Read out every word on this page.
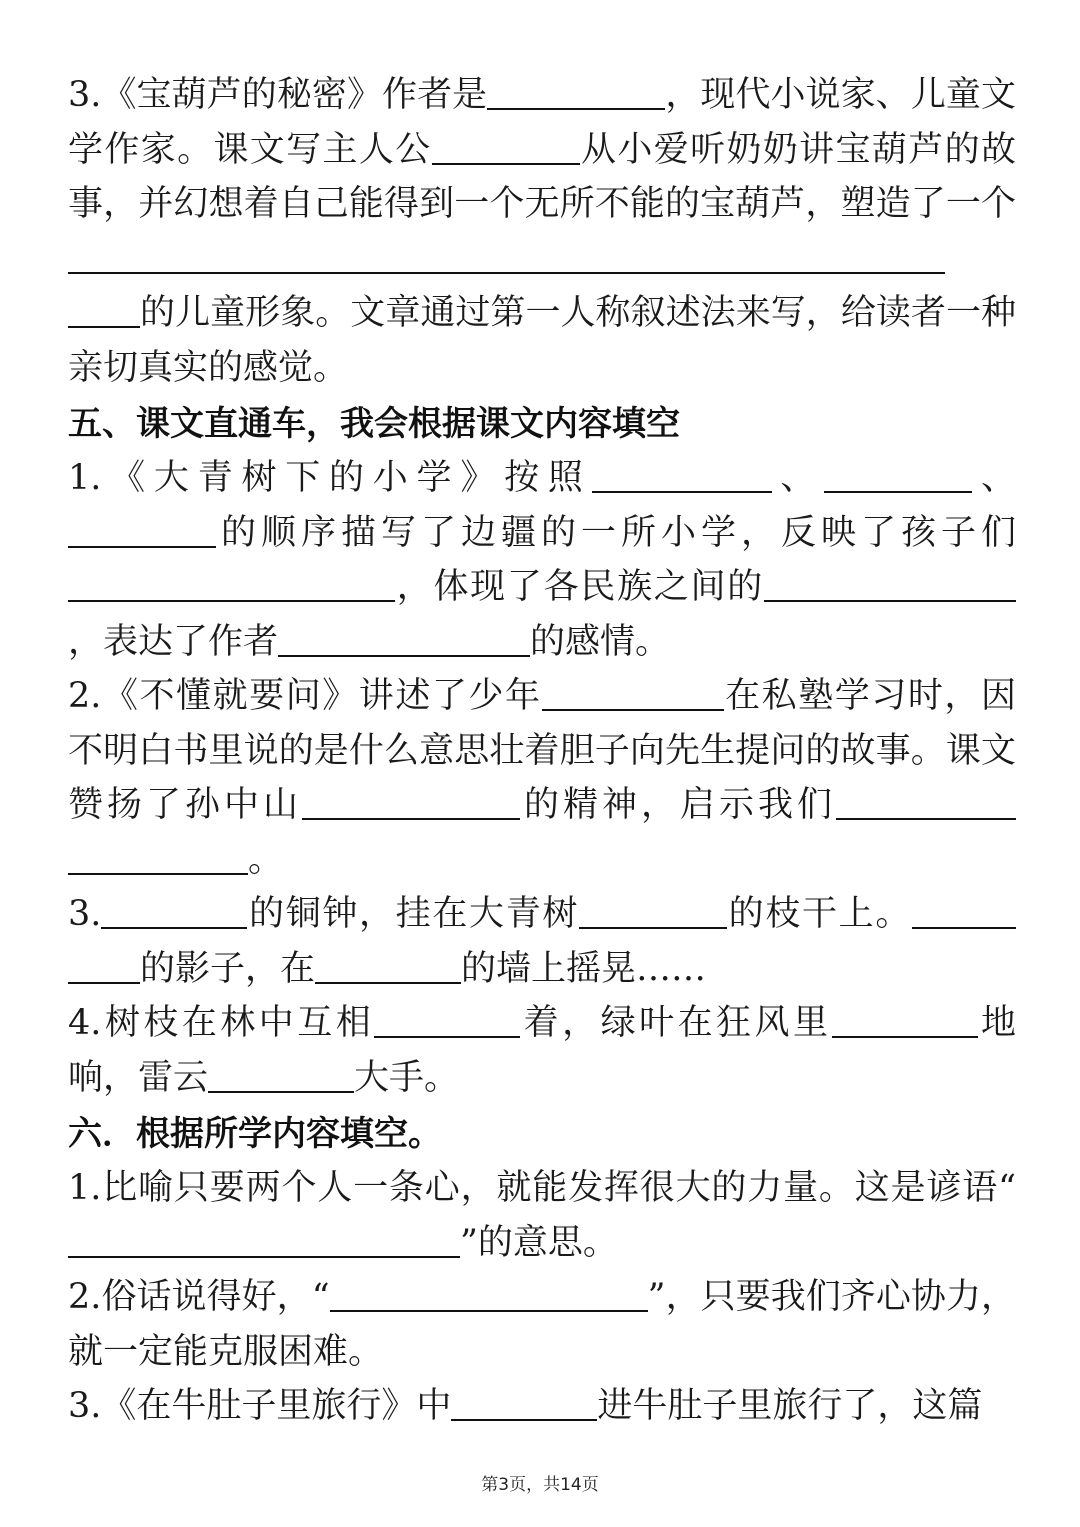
3.《宝葫芦的秘密》作者是	，现代小说家、儿童文学作家。课文写主人公	从小爱听奶奶讲宝葫芦的故事，并幻想着自己能得到一个无所不能的宝葫芦，塑造了一个的儿童形象。文章通过第一人称叙述法来写，给读者一种亲切真实的感觉。

五、课文直通车，我会根据课文内容填空

1.《大青树下的小学》按照	、	、的顺序描写了边疆的一所小学，反映了孩子们，体现了各民族之间的，表达了作者	的感情。

2.《不懂就要问》讲述了少年	在私塾学习时，因不明白书里说的是什么意思壮着胆子向先生提问的故事。课文赞扬了孙中山	的精神，启示我们。

3.	的铜钟，挂在大青树	的枝干上。的影子，在	的墙上摇晃……

4.树枝在林中互相	着，绿叶在狂风里	地响，雷云	大手。

六．根据所学内容填空。

1.比喻只要两个人一条心，就能发挥很大的力量。这是谚语“”的意思。

2.俗话说得好，“	”，只要我们齐心协力，就一定能克服困难。

3.《在牛肚子里旅行》中	进牛肚子里旅行了，这篇

第3页，共14页
